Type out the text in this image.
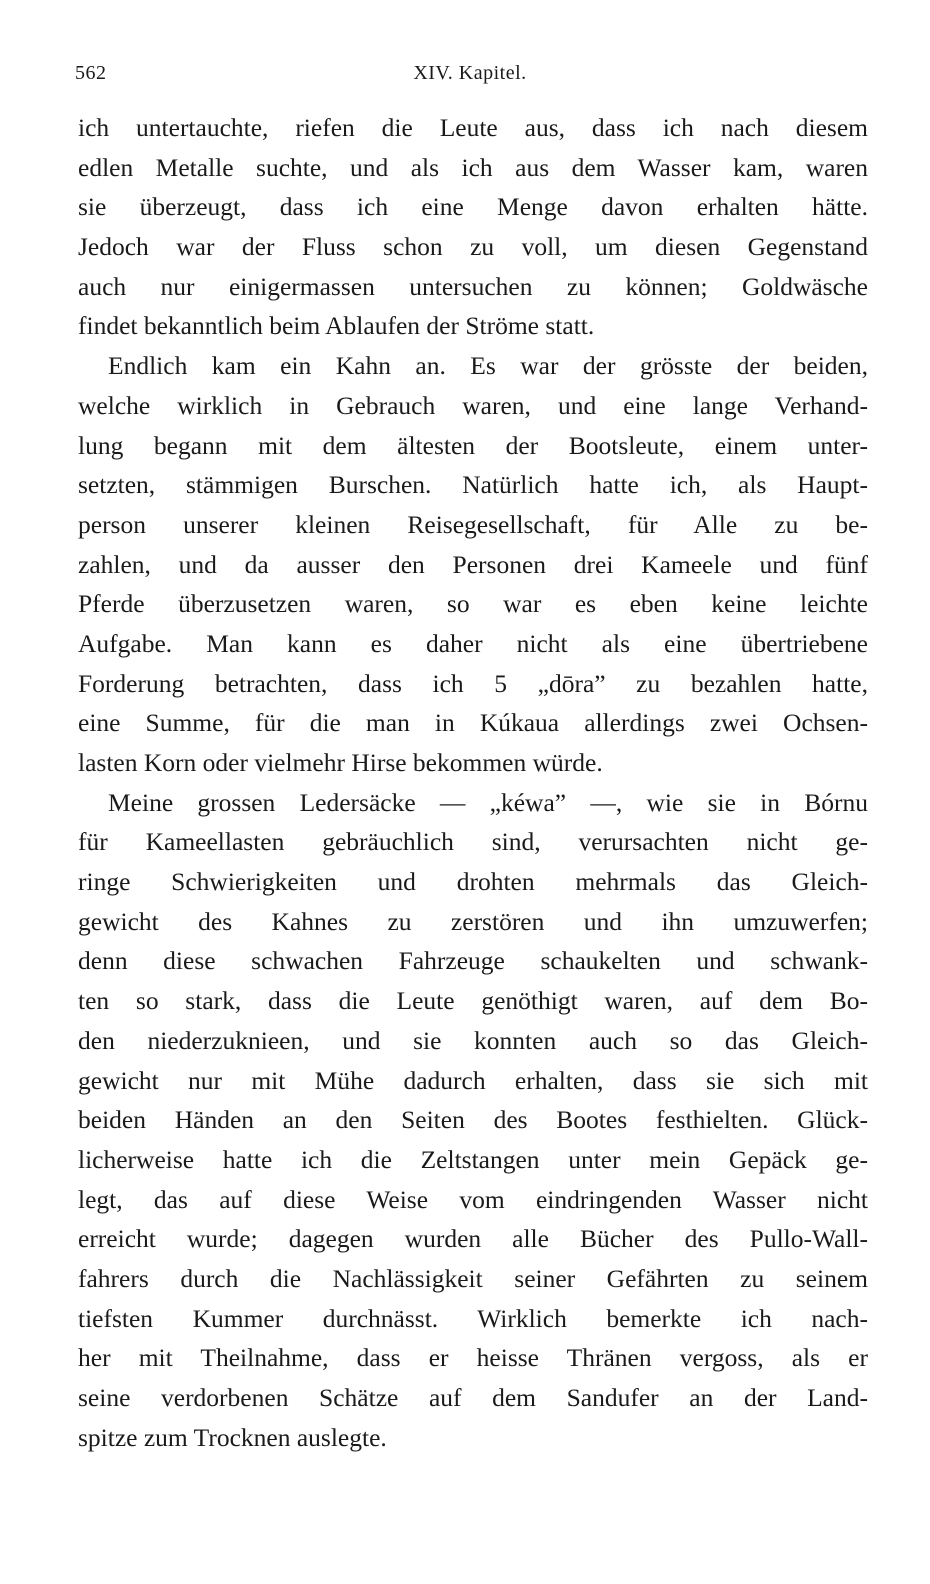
562	XIV. Kapitel.
ich untertauchte, riefen die Leute aus, dass ich nach diesem
edlen Metalle suchte, und als ich aus dem Wasser kam, waren
sie überzeugt, dass ich eine Menge davon erhalten hätte.
Jedoch war der Fluss schon zu voll, um diesen Gegenstand
auch nur einigermassen untersuchen zu können; Goldwäsche
findet bekanntlich beim Ablaufen der Ströme statt.
Endlich kam ein Kahn an. Es war der grösste der beiden,
welche wirklich in Gebrauch waren, und eine lange Verhand-
lung begann mit dem ältesten der Bootsleute, einem unter-
setzten, stämmigen Burschen. Natürlich hatte ich, als Haupt-
person unserer kleinen Reisegesellschaft, für Alle zu be-
zahlen, und da ausser den Personen drei Kameele und fünf
Pferde überzusetzen waren, so war es eben keine leichte
Aufgabe. Man kann es daher nicht als eine übertriebene
Forderung betrachten, dass ich 5 „dōra” zu bezahlen hatte,
eine Summe, für die man in Kúkaua allerdings zwei Ochsen-
lasten Korn oder vielmehr Hirse bekommen würde.
Meine grossen Ledersäcke — „kéwa” —, wie sie in Bórnu
für Kameellasten gebräuchlich sind, verursachten nicht ge-
ringe Schwierigkeiten und drohten mehrmals das Gleich-
gewicht des Kahnes zu zerstören und ihn umzuwerfen;
denn diese schwachen Fahrzeuge schaukelten und schwank-
ten so stark, dass die Leute genöthigt waren, auf dem Bo-
den niederzuknieen, und sie konnten auch so das Gleich-
gewicht nur mit Mühe dadurch erhalten, dass sie sich mit
beiden Händen an den Seiten des Bootes festhielten. Glück-
licherweise hatte ich die Zeltstangen unter mein Gepäck ge-
legt, das auf diese Weise vom eindringenden Wasser nicht
erreicht wurde; dagegen wurden alle Bücher des Pullo-Wall-
fahrers durch die Nachlässigkeit seiner Gefährten zu seinem
tiefsten Kummer durchnässt. Wirklich bemerkte ich nach-
her mit Theilnahme, dass er heisse Thränen vergoss, als er
seine verdorbenen Schätze auf dem Sandufer an der Land-
spitze zum Trocknen auslegte.
